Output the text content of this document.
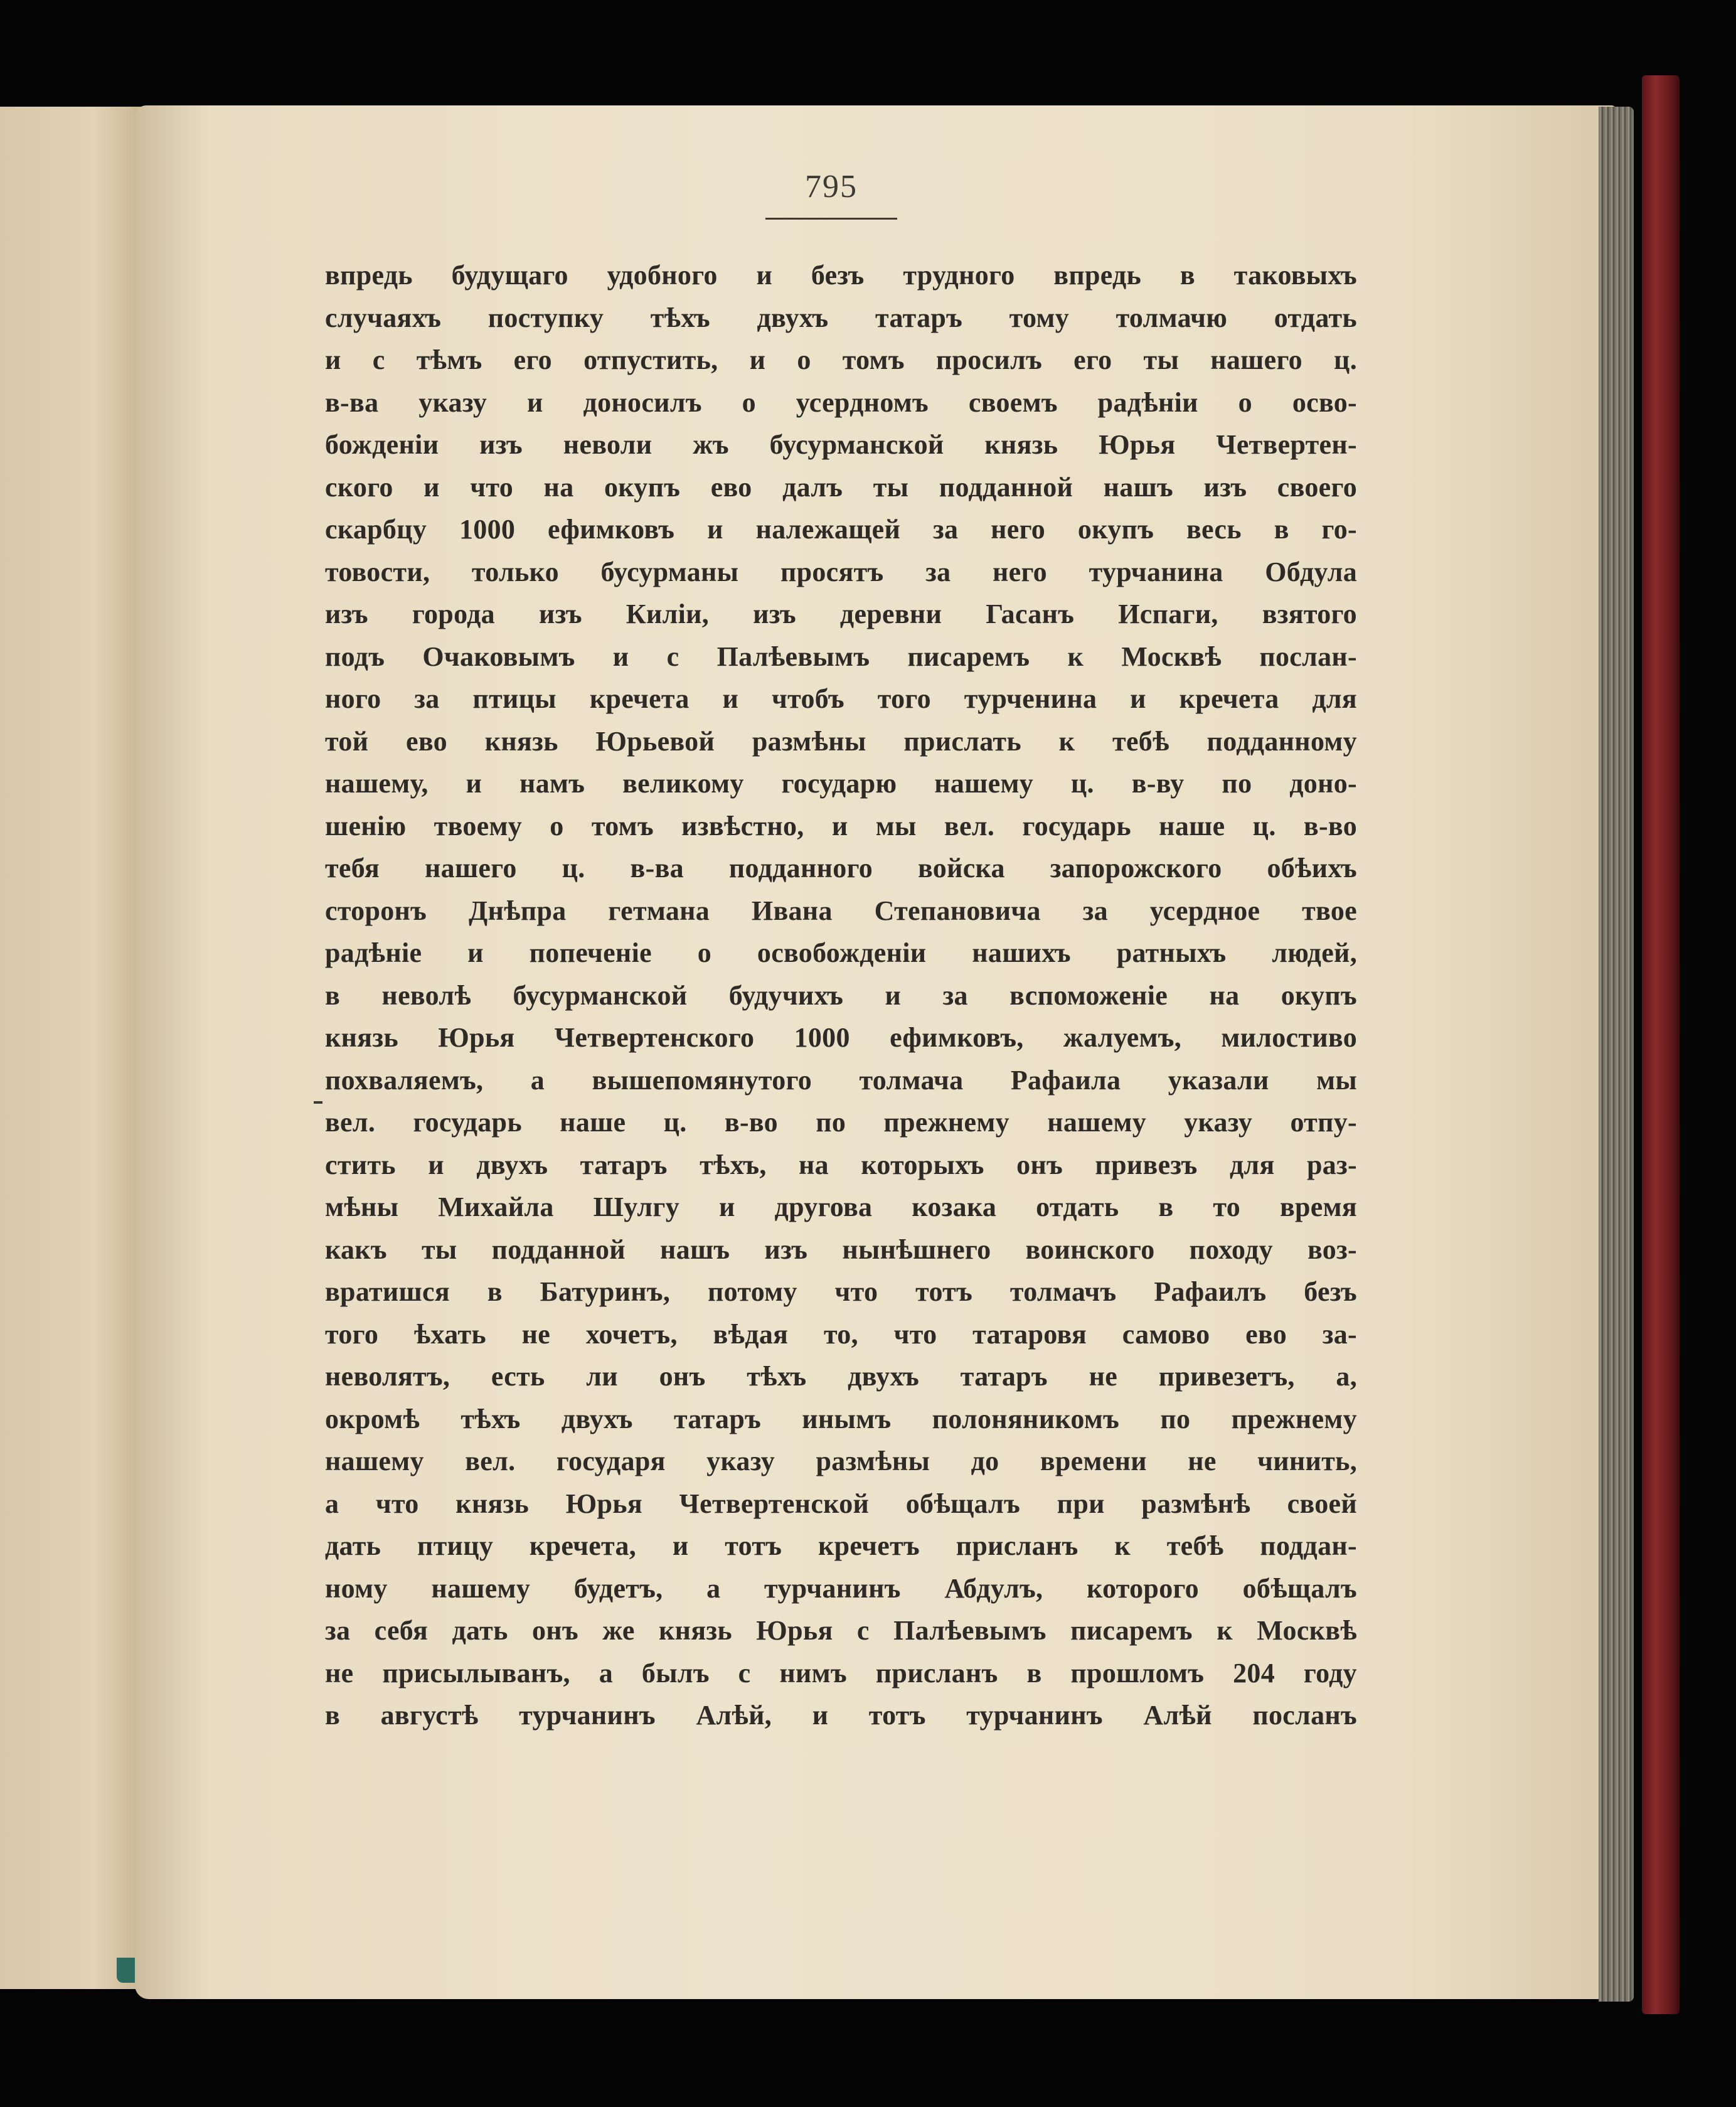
795
впредь будущаго удобного и безъ трудного впредь в таковыхъ
случаяхъ поступку тѣхъ двухъ татаръ тому толмачю отдать
и с тѣмъ его отпустить, и о томъ просилъ его ты нашего ц.
в-ва указу и доносилъ о усердномъ своемъ радѣніи о осво-
божденіи изъ неволи жъ бусурманской князь Юрья Четвертен-
ского и что на окупъ ево далъ ты подданной нашъ изъ своего
скарбцу 1000 ефимковъ и належащей за него окупъ весь в го-
товости, только бусурманы просятъ за него турчанина Обдула
изъ города изъ Киліи, изъ деревни Гасанъ Испаги, взятого
подъ Очаковымъ и с Палѣевымъ писаремъ к Москвѣ послан-
ного за птицы кречета и чтобъ того турченина и кречета для
той ево князь Юрьевой размѣны прислать к тебѣ подданному
нашему, и намъ великому государю нашему ц. в-ву по доно-
шенію твоему о томъ извѣстно, и мы вел. государь наше ц. в-во
тебя нашего ц. в-ва подданного войска запорожского обѣихъ
сторонъ Днѣпра гетмана Ивана Степановича за усердное твое
радѣніе и попеченіе о освобожденіи нашихъ ратныхъ людей,
в неволѣ бусурманской будучихъ и за вспоможеніе на окупъ
князь Юрья Четвертенского 1000 ефимковъ, жалуемъ, милостиво
похваляемъ, а вышепомянутого толмача Рафаила указали мы
вел. государь наше ц. в-во по прежнему нашему указу отпу-
стить и двухъ татаръ тѣхъ, на которыхъ онъ привезъ для раз-
мѣны Михайла Шулгу и другова козака отдать в то время
какъ ты подданной нашъ изъ нынѣшнего воинского походу воз-
вратишся в Батуринъ, потому что тотъ толмачъ Рафаилъ безъ
того ѣхать не хочетъ, вѣдая то, что татаровя самово ево за-
неволятъ, есть ли онъ тѣхъ двухъ татаръ не привезетъ, а,
окромѣ тѣхъ двухъ татаръ инымъ полоняникомъ по прежнему
нашему вел. государя указу размѣны до времени не чинить,
а что князь Юрья Четвертенской обѣщалъ при размѣнѣ своей
дать птицу кречета, и тотъ кречетъ присланъ к тебѣ поддан-
ному нашему будетъ, а турчанинъ Абдулъ, которого обѣщалъ
за себя дать онъ же князь Юрья с Палѣевымъ писаремъ к Москвѣ
не присылыванъ, а былъ с нимъ присланъ в прошломъ 204 году
в августѣ турчанинъ Алѣй, и тотъ турчанинъ Алѣй посланъ
